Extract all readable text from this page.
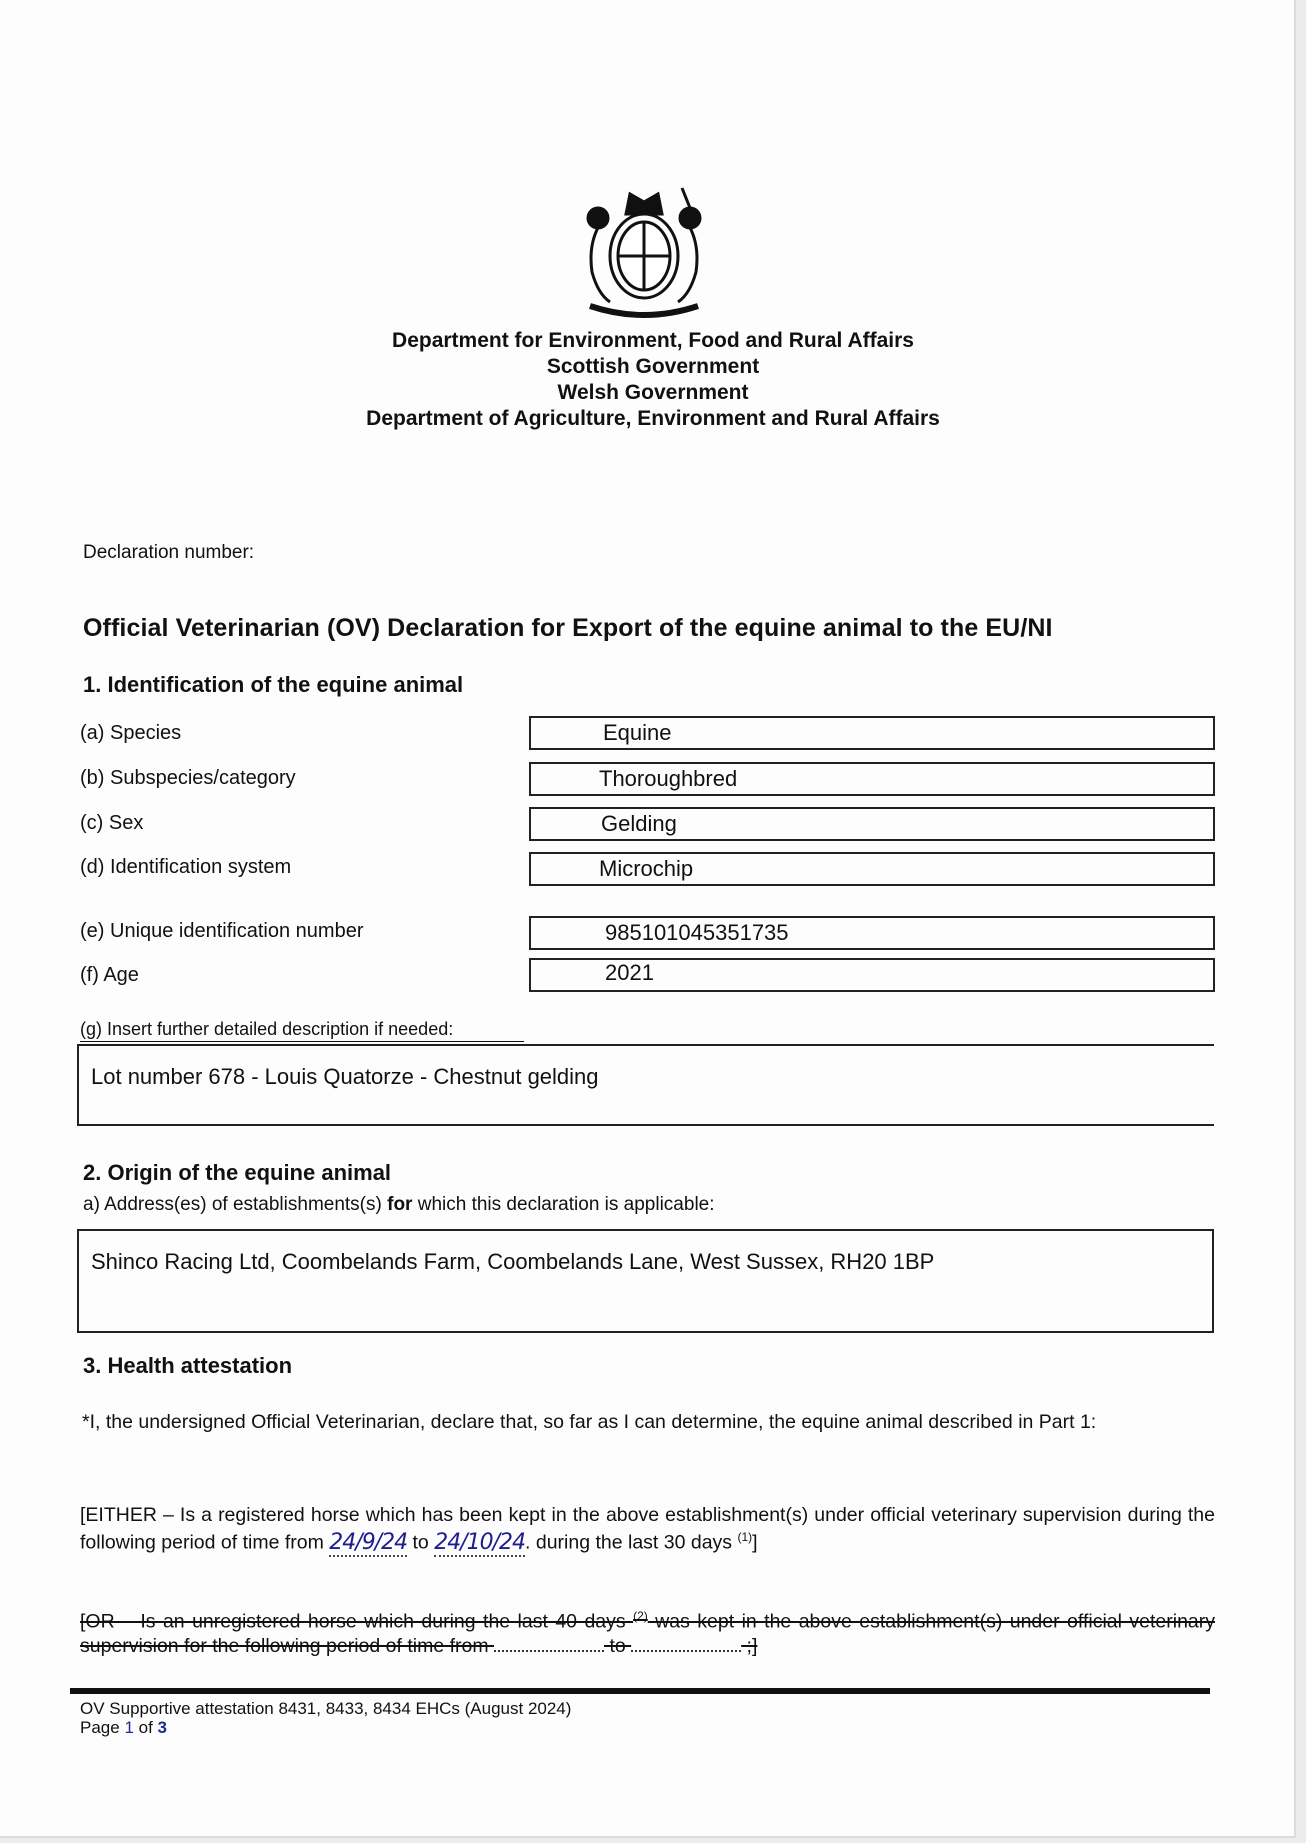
Department for Environment, Food and Rural Affairs
Scottish Government
Welsh Government
Department of Agriculture, Environment and Rural Affairs
Declaration number:
Official Veterinarian (OV) Declaration for Export of the equine animal to the EU/NI
1. Identification of the equine animal
(a) Species	Equine
(b) Subspecies/category	Thoroughbred
(c) Sex	Gelding
(d) Identification system	Microchip
(e) Unique identification number	985101045351735
(f) Age	2021
(g) Insert further detailed description if needed:
Lot number 678 - Louis Quatorze - Chestnut gelding
2. Origin of the equine animal
a) Address(es) of establishments(s) for which this declaration is applicable:
Shinco Racing Ltd, Coombelands Farm, Coombelands Lane, West Sussex, RH20 1BP
3. Health attestation
*I, the undersigned Official Veterinarian, declare that, so far as I can determine, the equine animal described in Part 1:
[EITHER – Is a registered horse which has been kept in the above establishment(s) under official veterinary supervision during the following period of time from 24/9/24 to 24/10/24. during the last 30 days $^{(1)}$]
[OR – Is an unregistered horse which during the last 40 days $^{(2)}$ was kept in the above establishment(s) under official veterinary supervision for the following period of time from	to	;]
OV Supportive attestation 8431, 8433, 8434 EHCs (August 2024)
Page 1 of 3
